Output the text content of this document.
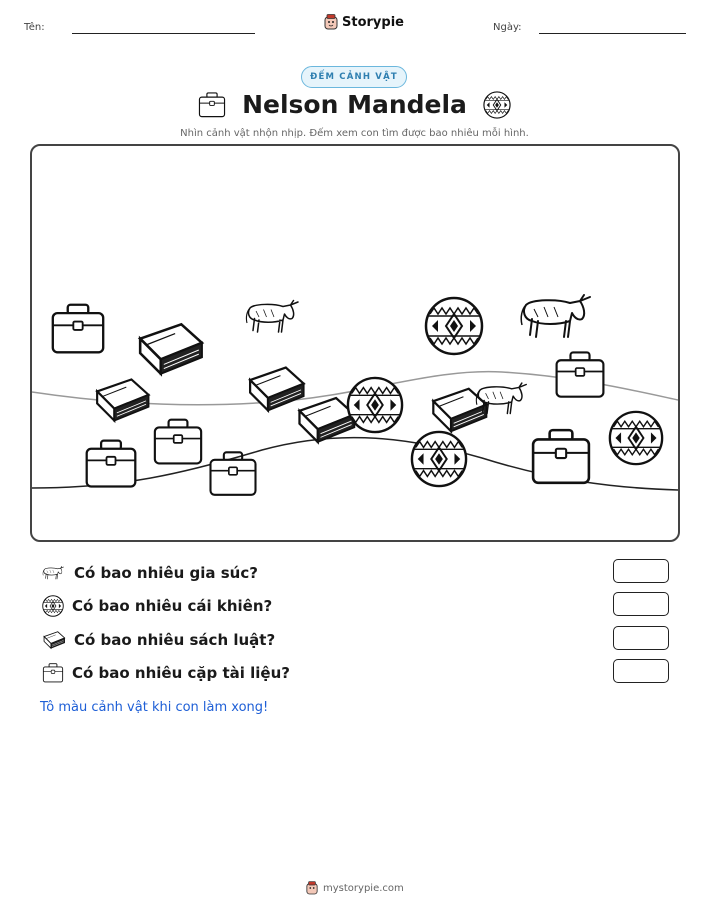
Tên:	Storypie	Ngày:
ĐẾM CẢNH VẬT
Nelson Mandela
Nhìn cảnh vật nhộn nhịp. Đếm xem con tìm được bao nhiêu mỗi hình.
Có bao nhiêu gia súc?
Có bao nhiêu cái khiên?
Có bao nhiêu sách luật?
Có bao nhiêu cặp tài liệu?
Tô màu cảnh vật khi con làm xong!
mystorypie.com
